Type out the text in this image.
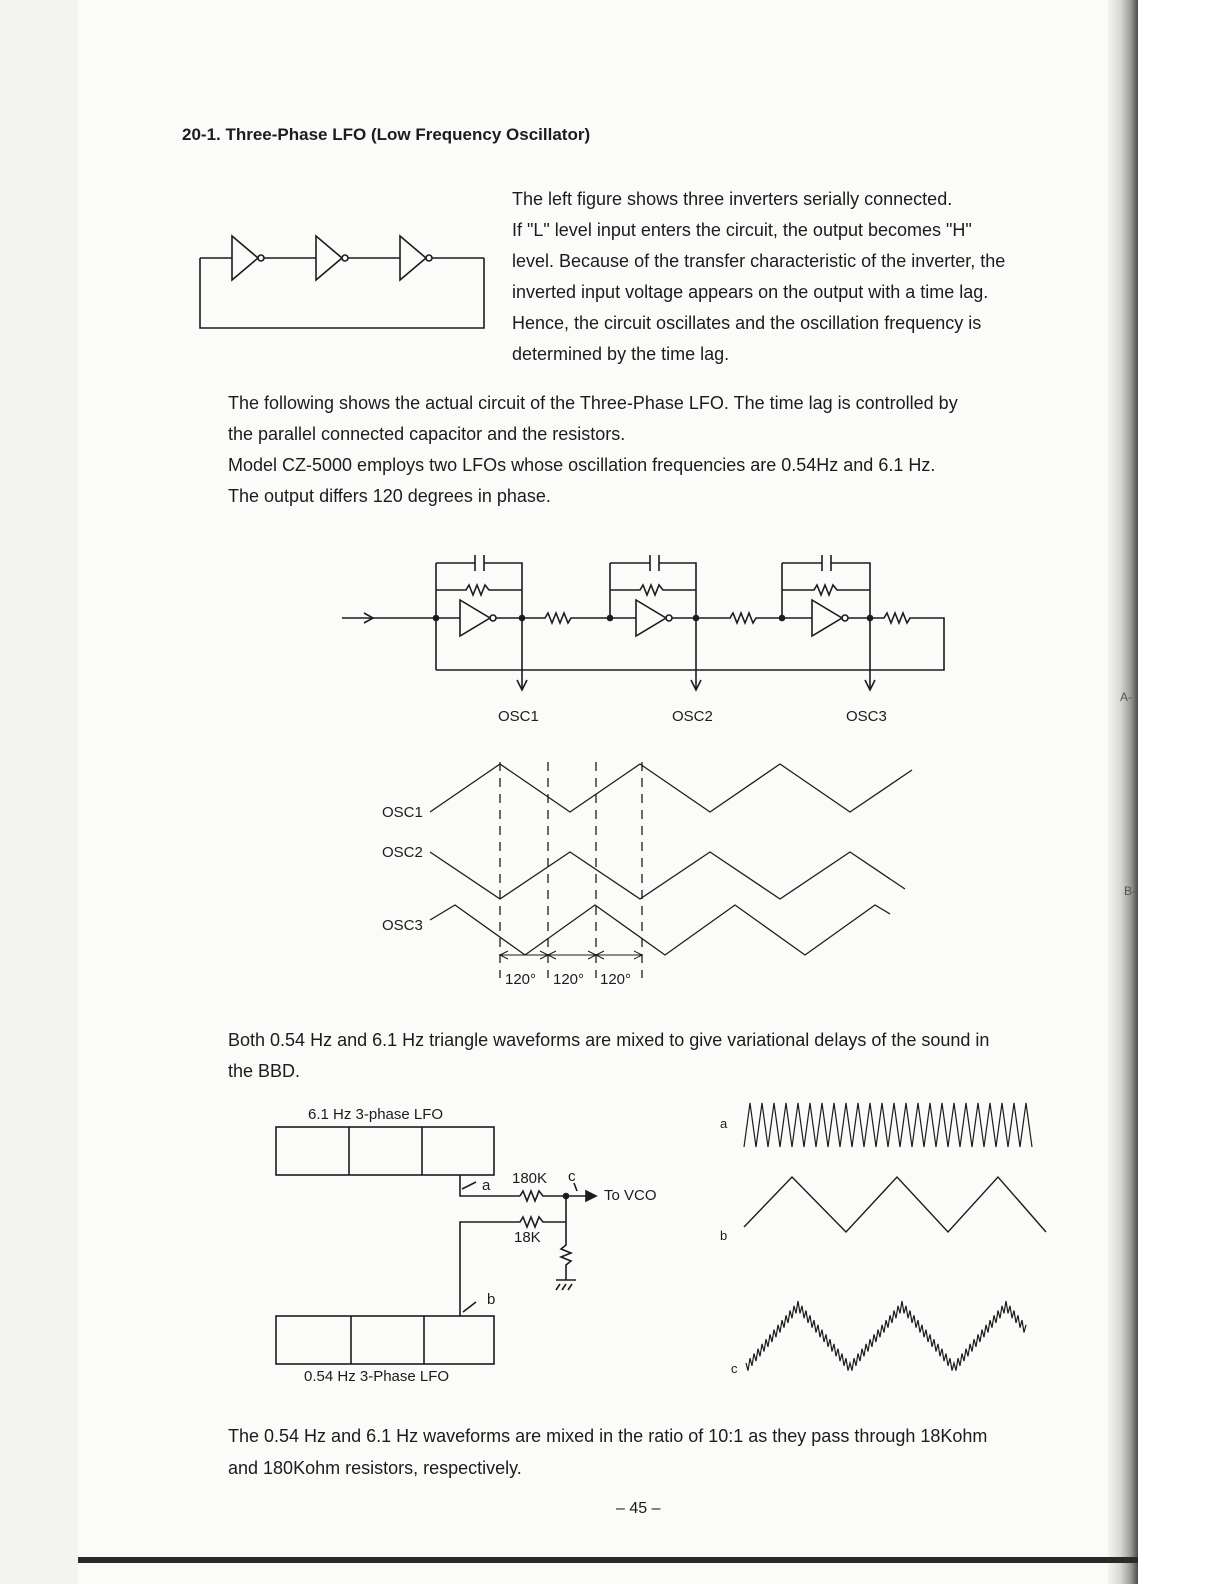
A-
B-
20-1. Three-Phase LFO (Low Frequency Oscillator)
The left figure shows three inverters serially connected.
If "L" level input enters the circuit, the output becomes "H"
level. Because of the transfer characteristic of the inverter, the
inverted input voltage appears on the output with a time lag.
Hence, the circuit oscillates and the oscillation frequency is
determined by the time lag.
The following shows the actual circuit of the Three-Phase LFO. The time lag is controlled by
the parallel connected capacitor and the resistors.
Model CZ-5000 employs two LFOs whose oscillation frequencies are 0.54Hz and 6.1 Hz.
The output differs 120 degrees in phase.
OSC1	OSC2	OSC3
OSC1
OSC2
OSC3
120° 120° 120°
Both 0.54 Hz and 6.1 Hz triangle waveforms are mixed to give variational delays of the sound in
the BBD.
6.1 Hz 3-phase LFO
0.54 Hz 3-Phase LFO
a
b
180K c
To VCO
18K
a
b
c
The 0.54 Hz and 6.1 Hz waveforms are mixed in the ratio of 10:1 as they pass through 18Kohm
and 180Kohm resistors, respectively.
– 45 –
